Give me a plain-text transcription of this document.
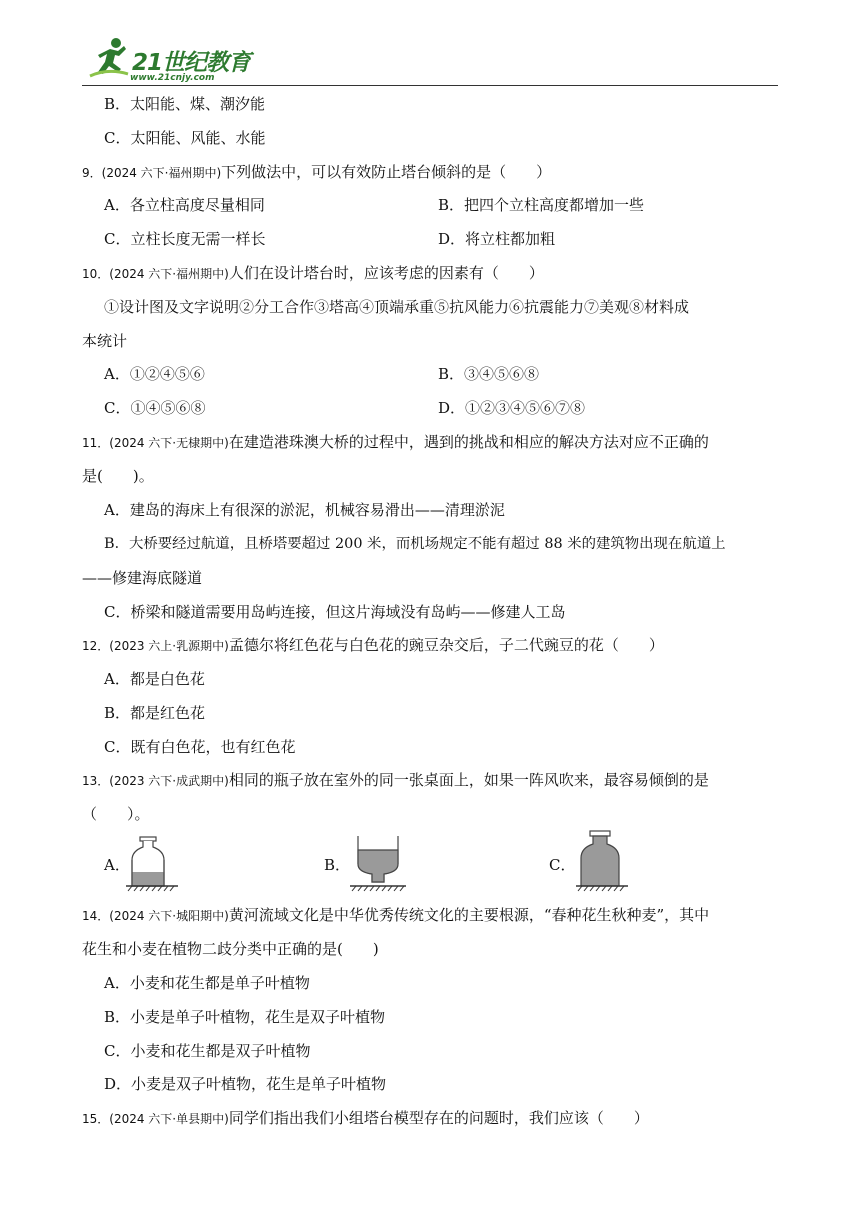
21世纪教育
www.21cnjy.com
B．太阳能、煤、潮汐能
C．太阳能、风能、水能
9．(2024 六下·福州期中)下列做法中，可以有效防止塔台倾斜的是（　　）
A．各立柱高度尽量相同	B．把四个立柱高度都增加一些
C．立柱长度无需一样长	D．将立柱都加粗
10．(2024 六下·福州期中)人们在设计塔台时，应该考虑的因素有（　　）
①设计图及文字说明②分工合作③塔高④顶端承重⑤抗风能力⑥抗震能力⑦美观⑧材料成
本统计
A．①②④⑤⑥	B．③④⑤⑥⑧
C．①④⑤⑥⑧	D．①②③④⑤⑥⑦⑧
11．(2024 六下·无棣期中)在建造港珠澳大桥的过程中，遇到的挑战和相应的解决方法对应不正确的
是(　　)。
A．建岛的海床上有很深的淤泥，机械容易滑出——清理淤泥
B．大桥要经过航道，且桥塔要超过 200 米，而机场规定不能有超过 88 米的建筑物出现在航道上
——修建海底隧道
C．桥梁和隧道需要用岛屿连接，但这片海域没有岛屿——修建人工岛
12．(2023 六上·乳源期中)孟德尔将红色花与白色花的豌豆杂交后，子二代豌豆的花（　　）
A．都是白色花
B．都是红色花
C．既有白色花，也有红色花
13．(2023 六下·成武期中)相同的瓶子放在室外的同一张桌面上，如果一阵风吹来，最容易倾倒的是
（　　）。
A．	B．	C．
14．(2024 六下·城阳期中)黄河流域文化是中华优秀传统文化的主要根源，“春种花生秋种麦”，其中
花生和小麦在植物二歧分类中正确的是(　　)
A．小麦和花生都是单子叶植物
B．小麦是单子叶植物，花生是双子叶植物
C．小麦和花生都是双子叶植物
D．小麦是双子叶植物，花生是单子叶植物
15．(2024 六下·单县期中)同学们指出我们小组塔台模型存在的问题时，我们应该（　　）
